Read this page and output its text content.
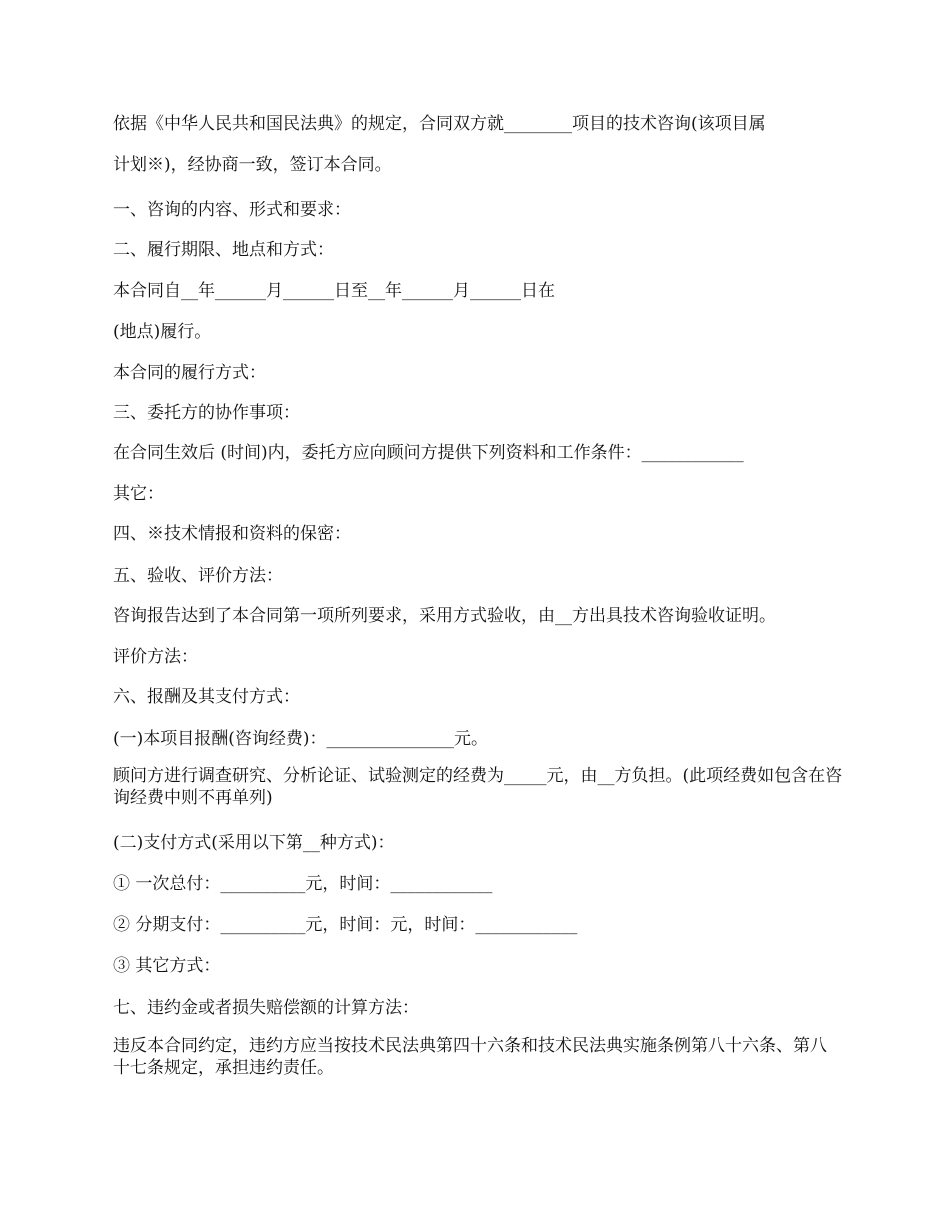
依据《中华人民共和国民法典》的规定，合同双方就________项目的技术咨询(该项目属
计划※)，经协商一致，签订本合同。
一、咨询的内容、形式和要求：
二、履行期限、地点和方式：
本合同自__年______月______日至__年______月______日在
(地点)履行。
本合同的履行方式：
三、委托方的协作事项：
在合同生效后 (时间)内，委托方应向顾问方提供下列资料和工作条件：____________
其它：
四、※技术情报和资料的保密：
五、验收、评价方法：
咨询报告达到了本合同第一项所列要求，采用方式验收，由__方出具技术咨询验收证明。
评价方法：
六、报酬及其支付方式：
(一)本项目报酬(咨询经费)：_______________元。
顾问方进行调查研究、分析论证、试验测定的经费为_____元，由__方负担。(此项经费如包含在咨询经费中则不再单列)
(二)支付方式(采用以下第__种方式)：
① 一次总付：__________元，时间：____________
② 分期支付：__________元，时间：元，时间：____________
③ 其它方式：
七、违约金或者损失赔偿额的计算方法：
违反本合同约定，违约方应当按技术民法典第四十六条和技术民法典实施条例第八十六条、第八十七条规定，承担违约责任。
